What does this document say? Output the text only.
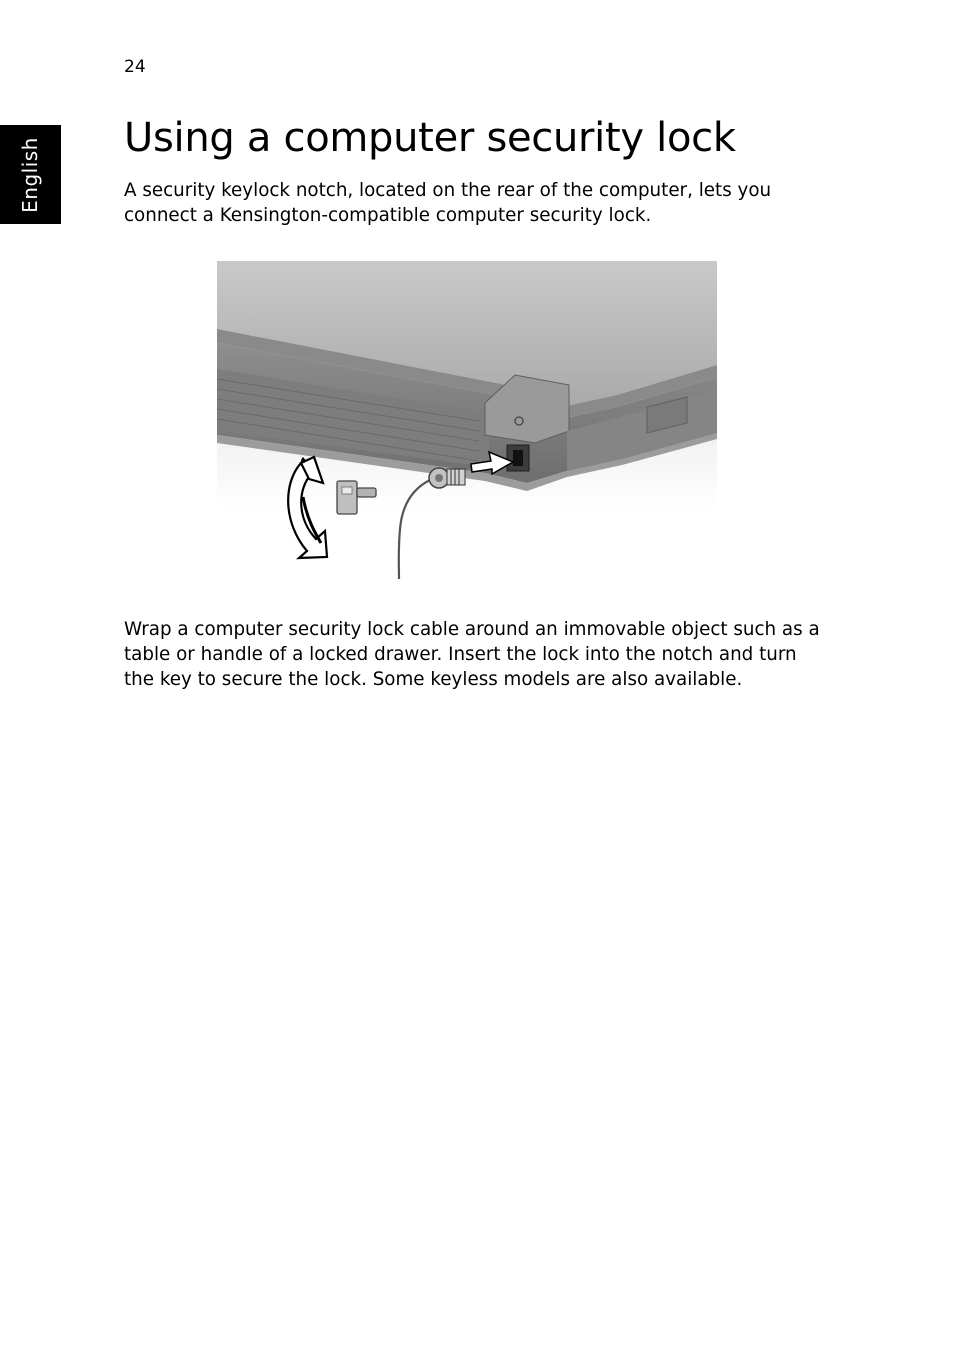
24
English Using a computer security lock

A security keylock notch, located on the rear of the computer, lets you connect a Kensington-compatible computer security lock.

Wrap a computer security lock cable around an immovable object such as a table or handle of a locked drawer. Insert the lock into the notch and turn the key to secure the lock. Some keyless models are also available.
